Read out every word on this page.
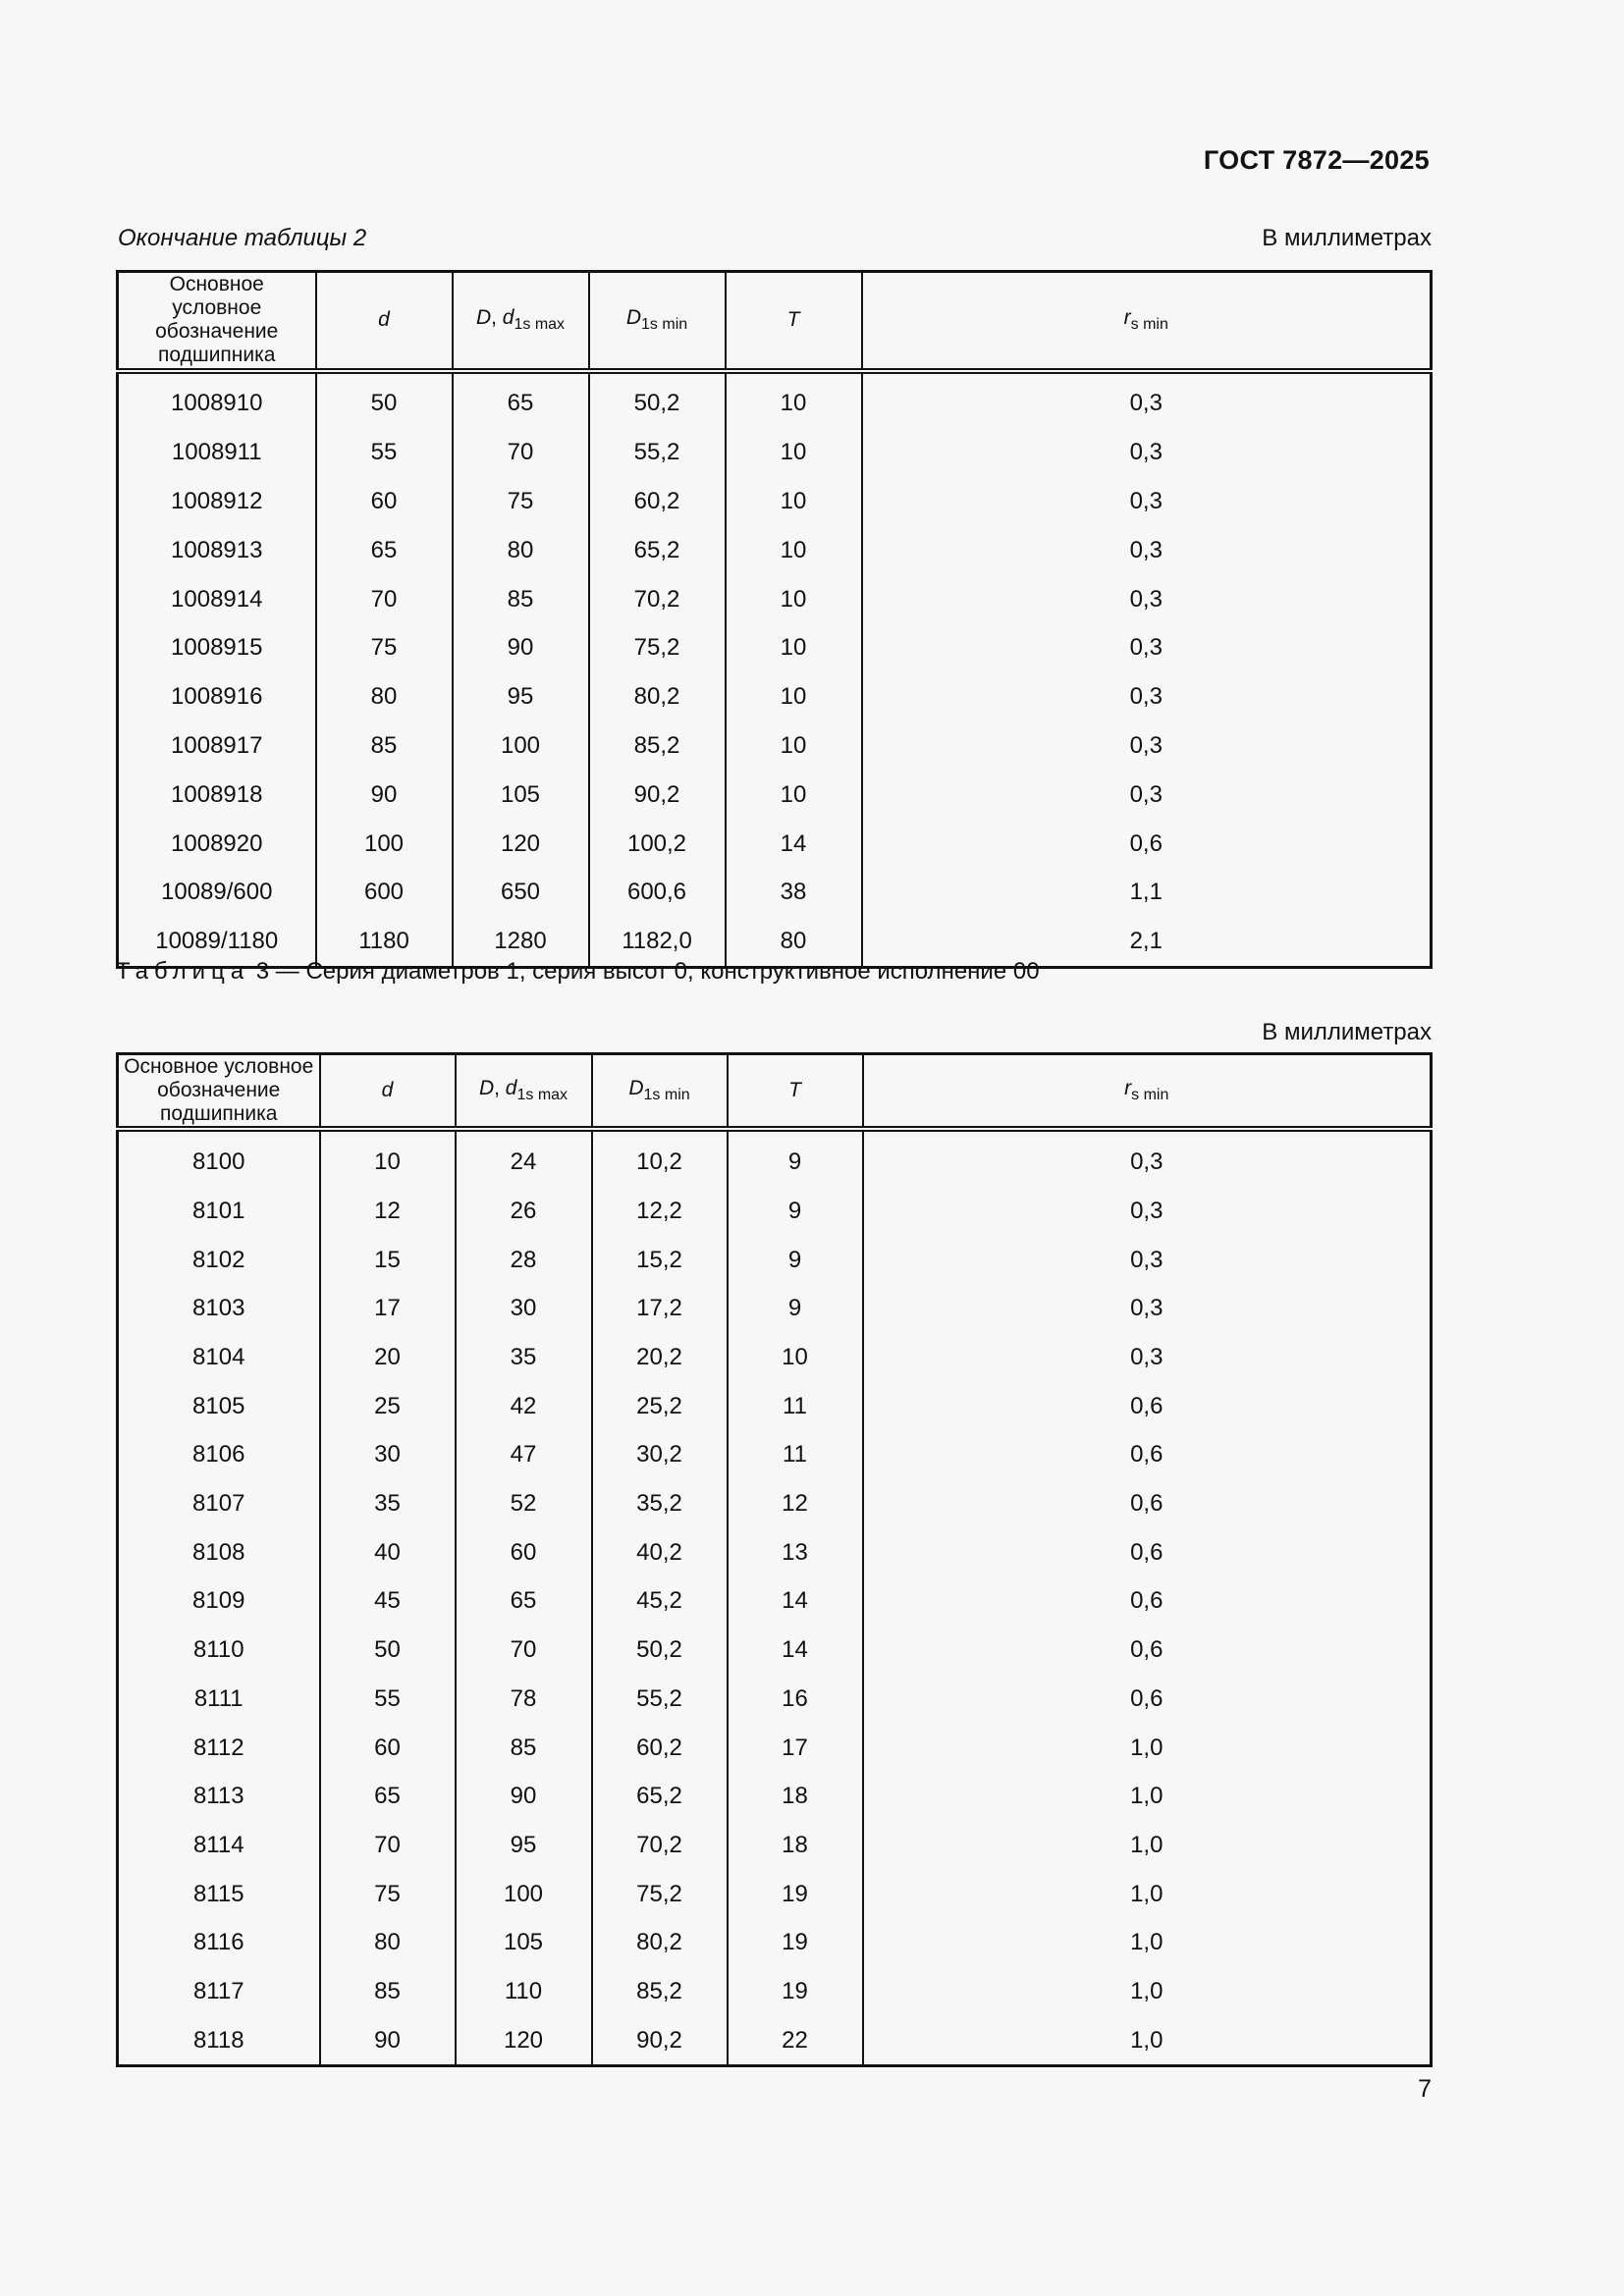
ГОСТ 7872—2025
Окончание таблицы 2	В миллиметрах
Основное условное обозначение подшипника	d	D, $d_{1s max}$	$D_{1s min}$	T	$r_{s min}$
1008910	50	65	50,2	10	0,3
1008911	55	70	55,2	10	0,3
1008912	60	75	60,2	10	0,3
1008913	65	80	65,2	10	0,3
1008914	70	85	70,2	10	0,3
1008915	75	90	75,2	10	0,3
1008916	80	95	80,2	10	0,3
1008917	85	100	85,2	10	0,3
1008918	90	105	90,2	10	0,3
1008920	100	120	100,2	14	0,6
10089/600	600	650	600,6	38	1,1
10089/1180	1180	1280	1182,0	80	2,1
Таблица 3 — Серия диаметров 1, серия высот 0, конструктивное исполнение 00
В миллиметрах
Основное условное обозначение подшипника	d	D, $d_{1s max}$	$D_{1s min}$	T	$r_{s min}$
8100	10	24	10,2	9	0,3
8101	12	26	12,2	9	0,3
8102	15	28	15,2	9	0,3
8103	17	30	17,2	9	0,3
8104	20	35	20,2	10	0,3
8105	25	42	25,2	11	0,6
8106	30	47	30,2	11	0,6
8107	35	52	35,2	12	0,6
8108	40	60	40,2	13	0,6
8109	45	65	45,2	14	0,6
8110	50	70	50,2	14	0,6
8111	55	78	55,2	16	0,6
8112	60	85	60,2	17	1,0
8113	65	90	65,2	18	1,0
8114	70	95	70,2	18	1,0
8115	75	100	75,2	19	1,0
8116	80	105	80,2	19	1,0
8117	85	110	85,2	19	1,0
8118	90	120	90,2	22	1,0
7
